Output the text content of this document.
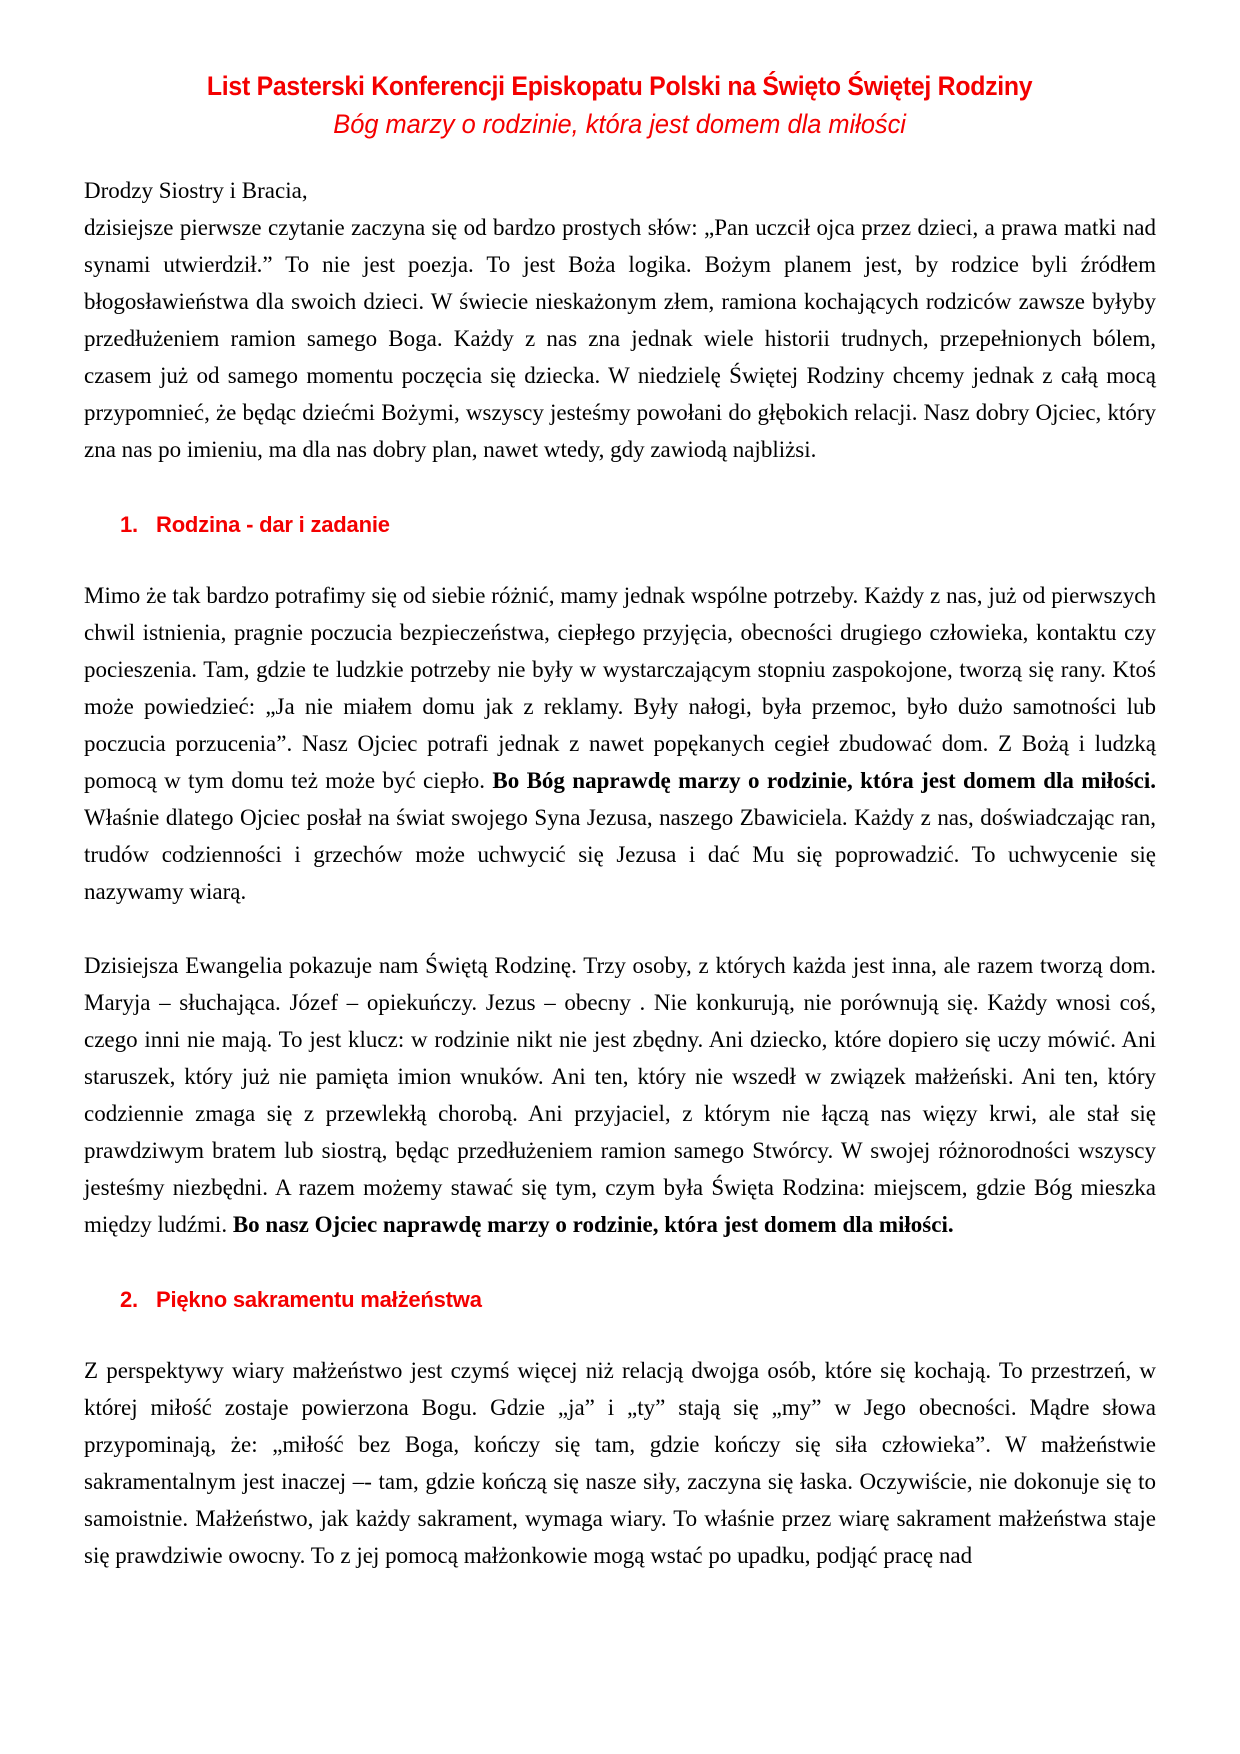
List Pasterski Konferencji Episkopatu Polski na Święto Świętej Rodziny
Bóg marzy o rodzinie, która jest domem dla miłości
Drodzy Siostry i Bracia,

dzisiejsze pierwsze czytanie zaczyna się od bardzo prostych słów: „Pan uczcił ojca przez dzieci, a prawa matki nad synami utwierdził.” To nie jest poezja. To jest Boża logika. Bożym planem jest, by rodzice byli źródłem błogosławieństwa dla swoich dzieci. W świecie nieskażonym złem, ramiona kochających rodziców zawsze byłyby przedłużeniem ramion samego Boga. Każdy z nas zna jednak wiele historii trudnych, przepełnionych bólem, czasem już od samego momentu poczęcia się dziecka. W niedzielę Świętej Rodziny chcemy jednak z całą mocą przypomnieć, że będąc dziećmi Bożymi, wszyscy jesteśmy powołani do głębokich relacji. Nasz dobry Ojciec, który zna nas po imieniu, ma dla nas dobry plan, nawet wtedy, gdy zawiodą najbliżsi.

1. Rodzina - dar i zadanie

Mimo że tak bardzo potrafimy się od siebie różnić, mamy jednak wspólne potrzeby. Każdy z nas, już od pierwszych chwil istnienia, pragnie poczucia bezpieczeństwa, ciepłego przyjęcia, obecności drugiego człowieka, kontaktu czy pocieszenia. Tam, gdzie te ludzkie potrzeby nie były w wystarczającym stopniu zaspokojone, tworzą się rany. Ktoś może powiedzieć: „Ja nie miałem domu jak z reklamy. Były nałogi, była przemoc, było dużo samotności lub poczucia porzucenia”. Nasz Ojciec potrafi jednak z nawet popękanych cegieł zbudować dom. Z Bożą i ludzką pomocą w tym domu też może być ciepło. Bo Bóg naprawdę marzy o rodzinie, która jest domem dla miłości. Właśnie dlatego Ojciec posłał na świat swojego Syna Jezusa, naszego Zbawiciela. Każdy z nas, doświadczając ran, trudów codzienności i grzechów może uchwycić się Jezusa i dać Mu się poprowadzić. To uchwycenie się nazywamy wiarą.

Dzisiejsza Ewangelia pokazuje nam Świętą Rodzinę. Trzy osoby, z których każda jest inna, ale razem tworzą dom. Maryja – słuchająca. Józef – opiekuńczy. Jezus – obecny . Nie konkurują, nie porównują się. Każdy wnosi coś, czego inni nie mają. To jest klucz: w rodzinie nikt nie jest zbędny. Ani dziecko, które dopiero się uczy mówić. Ani staruszek, który już nie pamięta imion wnuków. Ani ten, który nie wszedł w związek małżeński. Ani ten, który codziennie zmaga się z przewlekłą chorobą. Ani przyjaciel, z którym nie łączą nas więzy krwi, ale stał się prawdziwym bratem lub siostrą, będąc przedłużeniem ramion samego Stwórcy. W swojej różnorodności wszyscy jesteśmy niezbędni. A razem możemy stawać się tym, czym była Święta Rodzina: miejscem, gdzie Bóg mieszka między ludźmi. Bo nasz Ojciec naprawdę marzy o rodzinie, która jest domem dla miłości.

2. Piękno sakramentu małżeństwa

Z perspektywy wiary małżeństwo jest czymś więcej niż relacją dwojga osób, które się kochają. To przestrzeń, w której miłość zostaje powierzona Bogu. Gdzie „ja” i „ty” stają się „my” w Jego obecności. Mądre słowa przypominają, że: „miłość bez Boga, kończy się tam, gdzie kończy się siła człowieka”. W małżeństwie sakramentalnym jest inaczej –- tam, gdzie kończą się nasze siły, zaczyna się łaska. Oczywiście, nie dokonuje się to samoistnie. Małżeństwo, jak każdy sakrament, wymaga wiary. To właśnie przez wiarę sakrament małżeństwa staje się prawdziwie owocny. To z jej pomocą małżonkowie mogą wstać po upadku, podjąć pracę nad
